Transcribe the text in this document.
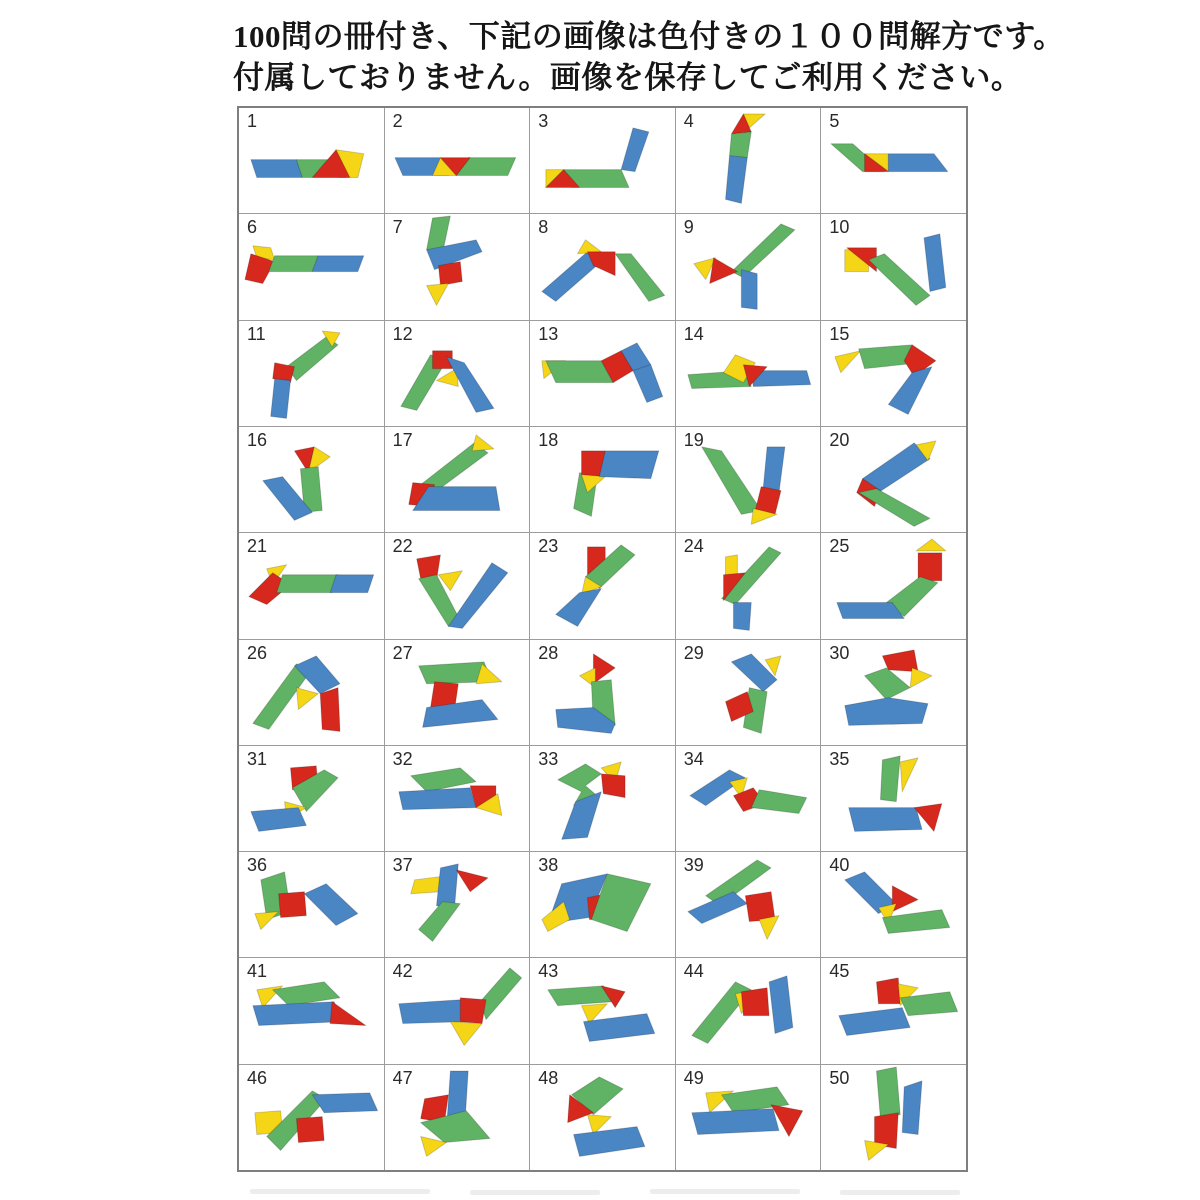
100問の冊付き、下記の画像は色付きの１００問解方です。
付属しておりません。画像を保存してご利用ください。
1	2	3	4	5
6	7	8	9	10
11	12	13	14	15
16	17	18	19	20
21	22	23	24	25
26	27	28	29	30
31	32	33	34	35
36	37	38	39	40
41	42	43	44	45
46	47	48	49	50
